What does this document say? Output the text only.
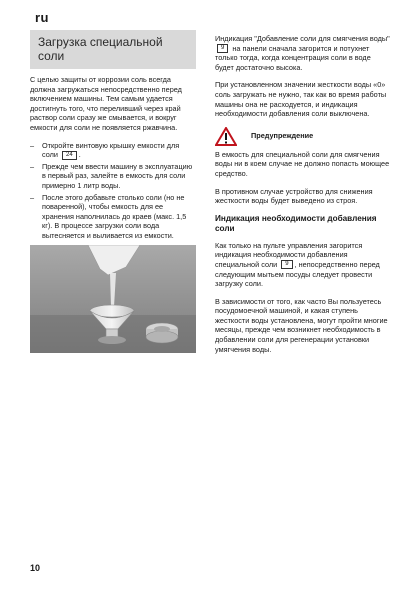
ru
Загрузка специальной соли

С целью защиты от коррозии соль всегда должна загружаться непосредственно перед включением машины. Тем самым удается достигнуть того, что переливший через край раствор соли сразу же смывается, и вокруг емкости для соли не появляется ржавчина.

– Откройте винтовую крышку емкости для соли 24 .
– Прежде чем ввести машину в эксплуатацию в первый раз, залейте в емкость для соли примерно 1 литр воды.
– После этого добавьте столько соли (но не поваренной), чтобы емкость для ее хранения наполнилась до краев (макс. 1,5 кг). В процессе загрузки соли вода вытесняется и выливается из емкости.

Индикация "Добавление соли для смягчения воды" 9 на панели сначала загорится и потухнет только тогда, когда концентрация соли в воде будет достаточно высока.

При установленном значении жесткости воды «0» соль загружать не нужно, так как во время работы машины она не расходуется, и индикация необходимости добавления соли выключена.

Предупреждение

В емкость для специальной соли для смягчения воды ни в коем случае не должно попасть моющее средство.

В противном случае устройство для снижения жесткости воды будет выведено из строя.

Индикация необходимости добавления соли

Как только на пульте управления загорится индикация необходимости добавления специальной соли 9 , непосредственно перед следующим мытьем посуды следует провести загрузку соли.

В зависимости от того, как часто Вы пользуетесь посудомоечной машиной, и какая ступень жесткости воды установлена, могут пройти многие месяцы, прежде чем возникнет необходимость в добавлении соли для регенерации установки умягчения воды.

10
